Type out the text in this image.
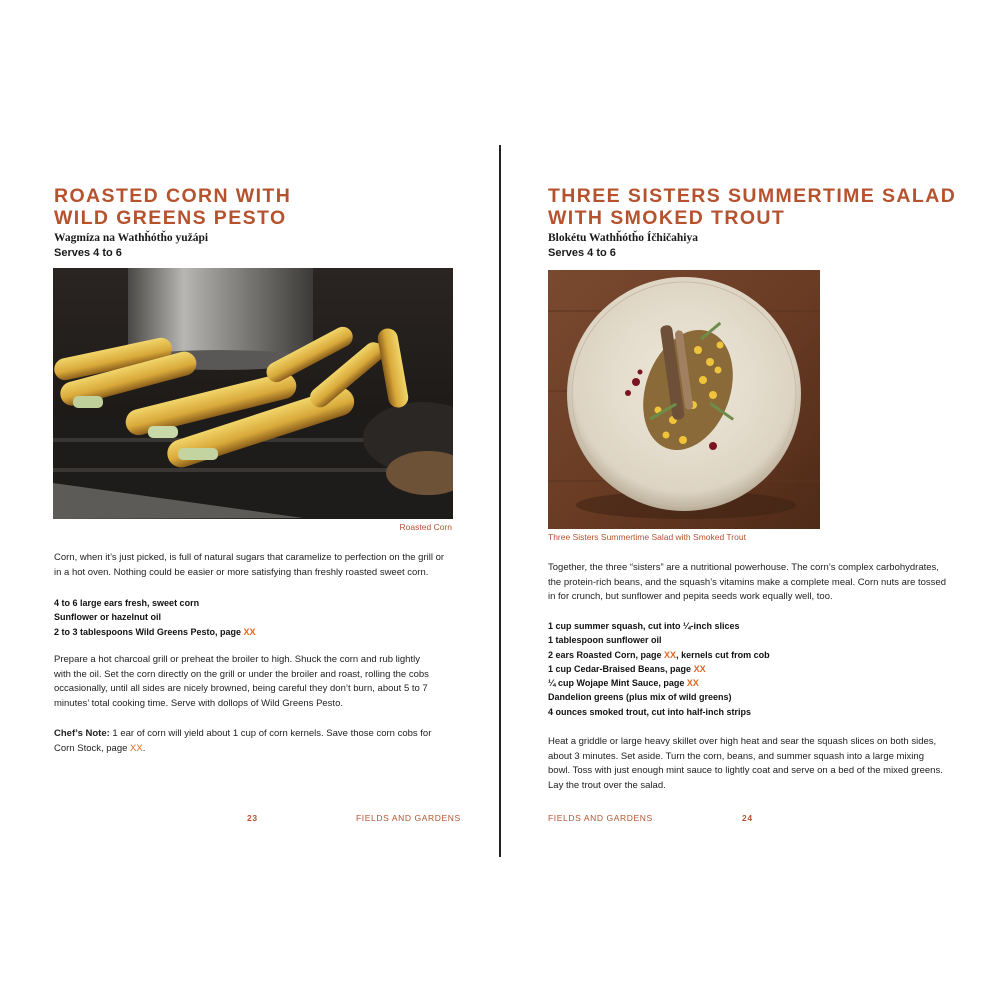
ROASTED CORN WITH
WILD GREENS PESTO
Wagmíza na Wathȟótȟo yužápi
Serves 4 to 6
Roasted Corn
Corn, when it’s just picked, is full of natural sugars that caramelize to perfection on the grill or in a hot oven. Nothing could be easier or more satisfying than freshly roasted sweet corn.
4 to 6 large ears fresh, sweet corn
Sunflower or hazelnut oil
2 to 3 tablespoons Wild Greens Pesto, page XX
Prepare a hot charcoal grill or preheat the broiler to high. Shuck the corn and rub lightly with the oil. Set the corn directly on the grill or under the broiler and roast, rolling the cobs occasionally, until all sides are nicely browned, being careful they don’t burn, about 5 to 7 minutes’ total cooking time. Serve with dollops of Wild Greens Pesto.
Chef’s Note: 1 ear of corn will yield about 1 cup of corn kernels. Save those corn cobs for Corn Stock, page XX.
23	FIELDS AND GARDENS
THREE SISTERS SUMMERTIME SALAD
WITH SMOKED TROUT
Blokétu Wathȟótȟo Íčhičahiya
Serves 4 to 6
Three Sisters Summertime Salad with Smoked Trout
Together, the three “sisters” are a nutritional powerhouse. The corn’s complex carbohydrates, the protein-rich beans, and the squash’s vitamins make a complete meal. Corn nuts are tossed in for crunch, but sunflower and pepita seeds work equally well, too.
1 cup summer squash, cut into ¼-inch slices
1 tablespoon sunflower oil
2 ears Roasted Corn, page XX, kernels cut from cob
1 cup Cedar-Braised Beans, page XX
¼ cup Wojape Mint Sauce, page XX
Dandelion greens (plus mix of wild greens)
4 ounces smoked trout, cut into half-inch strips
Heat a griddle or large heavy skillet over high heat and sear the squash slices on both sides, about 3 minutes. Set aside. Turn the corn, beans, and summer squash into a large mixing bowl. Toss with just enough mint sauce to lightly coat and serve on a bed of the mixed greens. Lay the trout over the salad.
FIELDS AND GARDENS	24
